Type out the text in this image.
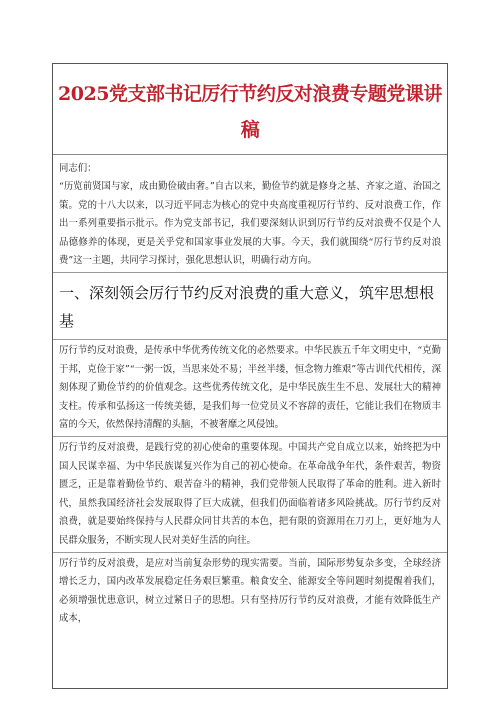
2025党支部书记厉行节约反对浪费专题党课讲稿

同志们：

“历览前贤国与家，成由勤俭破由奢。”自古以来，勤俭节约就是修身之基、齐家之道、治国之策。党的十八大以来，以习近平同志为核心的党中央高度重视厉行节约、反对浪费工作，作出一系列重要指示批示。作为党支部书记，我们要深刻认识到厉行节约反对浪费不仅是个人品德修养的体现，更是关乎党和国家事业发展的大事。今天，我们就围绕“厉行节约反对浪费”这一主题，共同学习探讨，强化思想认识，明确行动方向。

一、深刻领会厉行节约反对浪费的重大意义，筑牢思想根基

厉行节约反对浪费，是传承中华优秀传统文化的必然要求。中华民族五千年文明史中，“克勤于邦，克俭于家”“一粥一饭，当思来处不易；半丝半缕，恒念物力维艰”等古训代代相传，深刻体现了勤俭节约的价值观念。这些优秀传统文化，是中华民族生生不息、发展壮大的精神支柱。传承和弘扬这一传统美德，是我们每一位党员义不容辞的责任，它能让我们在物质丰富的今天，依然保持清醒的头脑，不被奢靡之风侵蚀。

厉行节约反对浪费，是践行党的初心使命的重要体现。中国共产党自成立以来，始终把为中国人民谋幸福、为中华民族谋复兴作为自己的初心使命。在革命战争年代，条件艰苦，物资匮乏，正是靠着勤俭节约、艰苦奋斗的精神，我们党带领人民取得了革命的胜利。进入新时代，虽然我国经济社会发展取得了巨大成就，但我们仍面临着诸多风险挑战。厉行节约反对浪费，就是要始终保持与人民群众同甘共苦的本色，把有限的资源用在刀刃上，更好地为人民群众服务，不断实现人民对美好生活的向往。

厉行节约反对浪费，是应对当前复杂形势的现实需要。当前，国际形势复杂多变，全球经济增长乏力，国内改革发展稳定任务艰巨繁重。粮食安全、能源安全等问题时刻提醒着我们，必须增强忧患意识，树立过紧日子的思想。只有坚持厉行节约反对浪费，才能有效降低生产成本，
